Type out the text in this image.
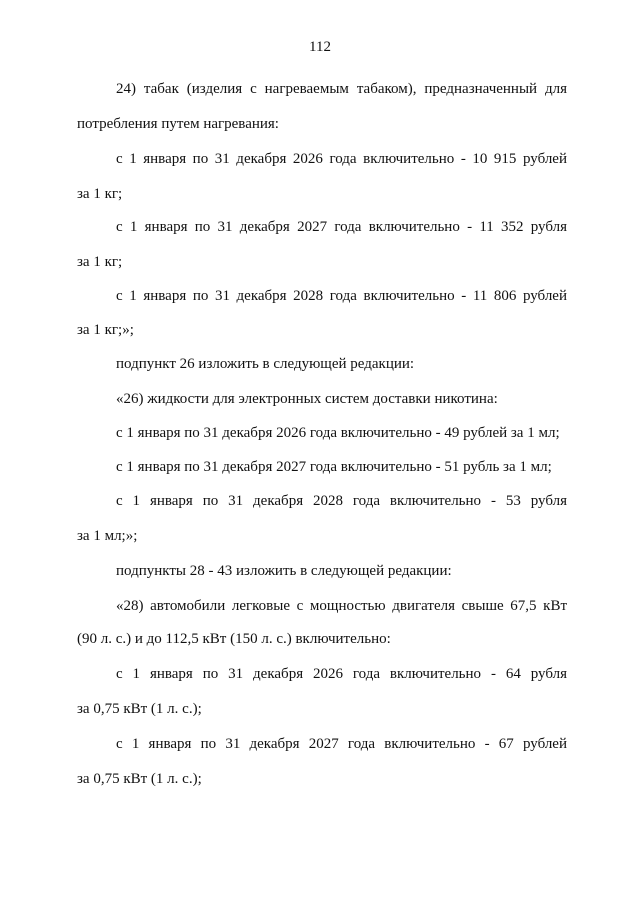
112
24) табак (изделия с нагреваемым табаком), предназначенный для
потребления путем нагревания:
с 1 января по 31 декабря 2026 года включительно - 10 915 рублей
за 1 кг;
с 1 января по 31 декабря 2027 года включительно - 11 352 рубля
за 1 кг;
с 1 января по 31 декабря 2028 года включительно - 11 806 рублей
за 1 кг;»;
подпункт 26 изложить в следующей редакции:
«26) жидкости для электронных систем доставки никотина:
с 1 января по 31 декабря 2026 года включительно - 49 рублей за 1 мл;
с 1 января по 31 декабря 2027 года включительно - 51 рубль за 1 мл;
с 1 января по 31 декабря 2028 года включительно - 53 рубля
за 1 мл;»;
подпункты 28 - 43 изложить в следующей редакции:
«28) автомобили легковые с мощностью двигателя свыше 67,5 кВт
(90 л. с.) и до 112,5 кВт (150 л. с.) включительно:
с 1 января по 31 декабря 2026 года включительно - 64 рубля
за 0,75 кВт (1 л. с.);
с 1 января по 31 декабря 2027 года включительно - 67 рублей
за 0,75 кВт (1 л. с.);
